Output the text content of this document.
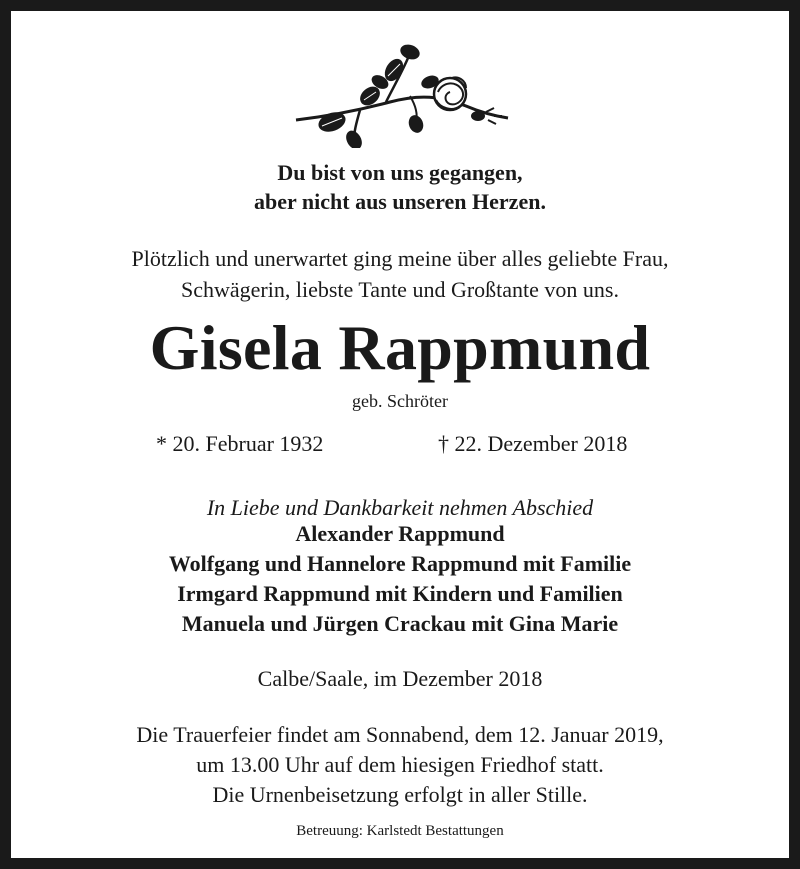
Du bist von uns gegangen,
aber nicht aus unseren Herzen.
Plötzlich und unerwartet ging meine über alles geliebte Frau,
Schwägerin, liebste Tante und Großtante von uns.
Gisela Rappmund
geb. Schröter
* 20. Februar 1932	† 22. Dezember 2018
In Liebe und Dankbarkeit nehmen Abschied
Alexander Rappmund
Wolfgang und Hannelore Rappmund mit Familie
Irmgard Rappmund mit Kindern und Familien
Manuela und Jürgen Crackau mit Gina Marie
Calbe/Saale, im Dezember 2018
Die Trauerfeier findet am Sonnabend, dem 12. Januar 2019,
um 13.00 Uhr auf dem hiesigen Friedhof statt.
Die Urnenbeisetzung erfolgt in aller Stille.
Betreuung: Karlstedt Bestattungen
